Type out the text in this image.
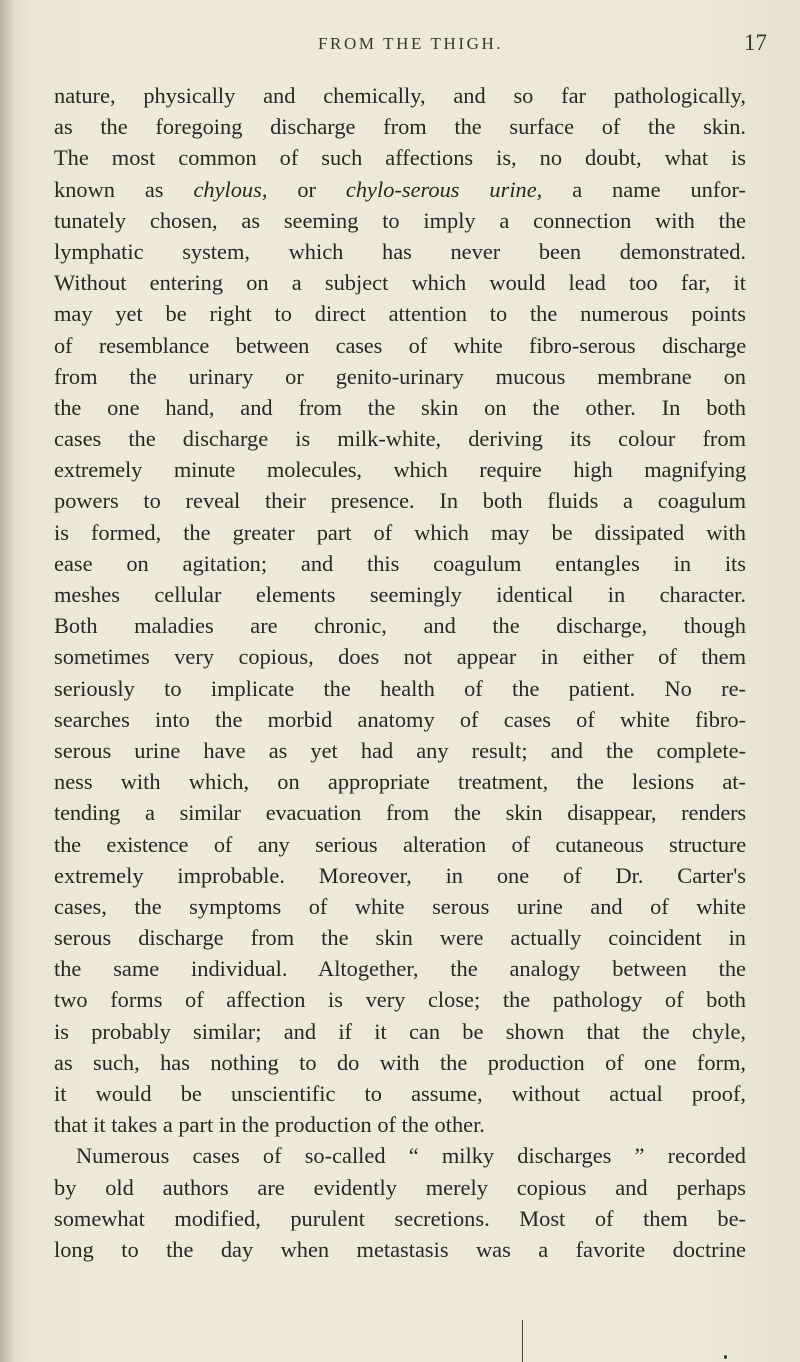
FROM THE THIGH.	17
nature, physically and chemically, and so far pathologically,
as the foregoing discharge from the surface of the skin.
The most common of such affections is, no doubt, what is
known as chylous, or chylo-serous urine, a name unfor-
tunately chosen, as seeming to imply a connection with the
lymphatic system, which has never been demonstrated.
Without entering on a subject which would lead too far, it
may yet be right to direct attention to the numerous points
of resemblance between cases of white fibro-serous discharge
from the urinary or genito-urinary mucous membrane on
the one hand, and from the skin on the other. In both
cases the discharge is milk-white, deriving its colour from
extremely minute molecules, which require high magnifying
powers to reveal their presence. In both fluids a coagulum
is formed, the greater part of which may be dissipated with
ease on agitation; and this coagulum entangles in its
meshes cellular elements seemingly identical in character.
Both maladies are chronic, and the discharge, though
sometimes very copious, does not appear in either of them
seriously to implicate the health of the patient. No re-
searches into the morbid anatomy of cases of white fibro-
serous urine have as yet had any result; and the complete-
ness with which, on appropriate treatment, the lesions at-
tending a similar evacuation from the skin disappear, renders
the existence of any serious alteration of cutaneous structure
extremely improbable. Moreover, in one of Dr. Carter's
cases, the symptoms of white serous urine and of white
serous discharge from the skin were actually coincident in
the same individual. Altogether, the analogy between the
two forms of affection is very close; the pathology of both
is probably similar; and if it can be shown that the chyle,
as such, has nothing to do with the production of one form,
it would be unscientific to assume, without actual proof,
that it takes a part in the production of the other.
Numerous cases of so-called “ milky discharges ” recorded
by old authors are evidently merely copious and perhaps
somewhat modified, purulent secretions. Most of them be-
long to the day when metastasis was a favorite doctrine
